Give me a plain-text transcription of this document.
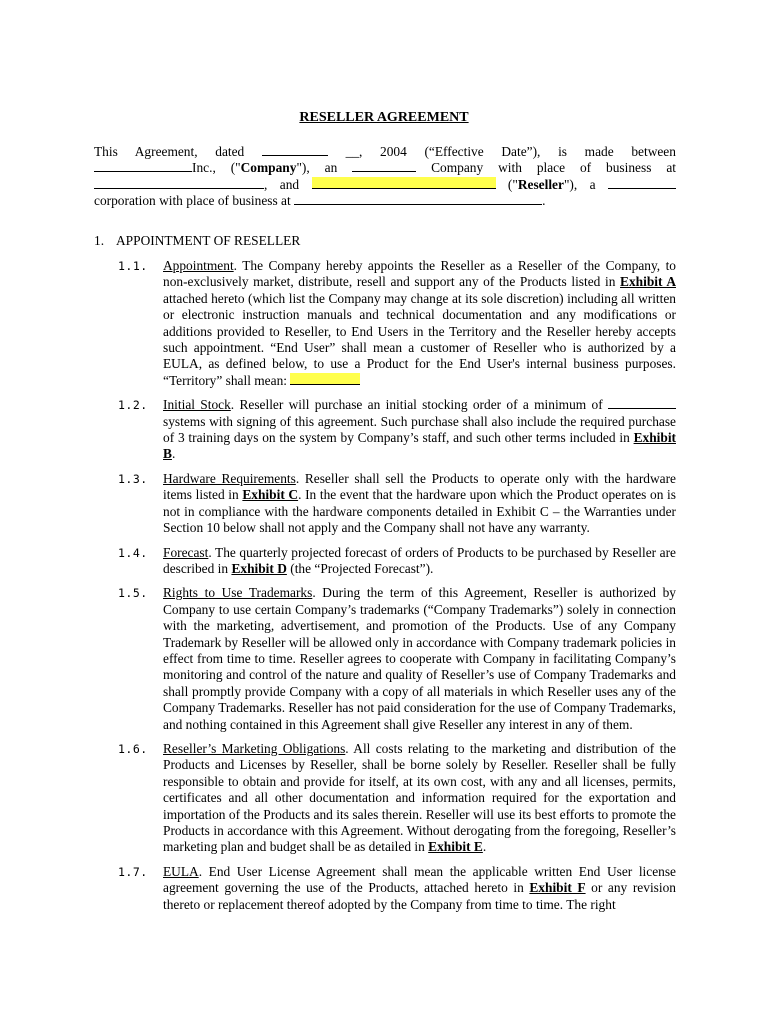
RESELLER AGREEMENT
This Agreement, dated	__, 2004 (“Effective Date”), is made between
Inc., ("Company"), an	Company with place of business at
, and	("Reseller"), a
corporation with place of business at	.
1. APPOINTMENT OF RESELLER
1.1. Appointment. The Company hereby appoints the Reseller as a Reseller of the Company, to non-exclusively market, distribute, resell and support any of the Products listed in Exhibit A attached hereto (which list the Company may change at its sole discretion) including all written or electronic instruction manuals and technical documentation and any modifications or additions provided to Reseller, to End Users in the Territory and the Reseller hereby accepts such appointment. “End User” shall mean a customer of Reseller who is authorized by a EULA, as defined below, to use a Product for the End User's internal business purposes. “Territory” shall mean:
1.2. Initial Stock. Reseller will purchase an initial stocking order of a minimum of  systems with signing of this agreement. Such purchase shall also include the required purchase of 3 training days on the system by Company’s staff, and such other terms included in Exhibit B.
1.3. Hardware Requirements. Reseller shall sell the Products to operate only with the hardware items listed in Exhibit C. In the event that the hardware upon which the Product operates on is not in compliance with the hardware components detailed in Exhibit C – the Warranties under Section 10 below shall not apply and the Company shall not have any warranty.
1.4. Forecast. The quarterly projected forecast of orders of Products to be purchased by Reseller are described in Exhibit D (the “Projected Forecast”).
1.5. Rights to Use Trademarks. During the term of this Agreement, Reseller is authorized by Company to use certain Company’s trademarks (“Company Trademarks”) solely in connection with the marketing, advertisement, and promotion of the Products. Use of any Company Trademark by Reseller will be allowed only in accordance with Company trademark policies in effect from time to time. Reseller agrees to cooperate with Company in facilitating Company’s monitoring and control of the nature and quality of Reseller’s use of Company Trademarks and shall promptly provide Company with a copy of all materials in which Reseller uses any of the Company Trademarks. Reseller has not paid consideration for the use of Company Trademarks, and nothing contained in this Agreement shall give Reseller any interest in any of them.
1.6. Reseller’s Marketing Obligations. All costs relating to the marketing and distribution of the Products and Licenses by Reseller, shall be borne solely by Reseller. Reseller shall be fully responsible to obtain and provide for itself, at its own cost, with any and all licenses, permits, certificates and all other documentation and information required for the exportation and importation of the Products and its sales therein. Reseller will use its best efforts to promote the Products in accordance with this Agreement. Without derogating from the foregoing, Reseller’s marketing plan and budget shall be as detailed in Exhibit E.
1.7. EULA. End User License Agreement shall mean the applicable written End User license agreement governing the use of the Products, attached hereto in Exhibit F or any revision thereto or replacement thereof adopted by the Company from time to time. The right
